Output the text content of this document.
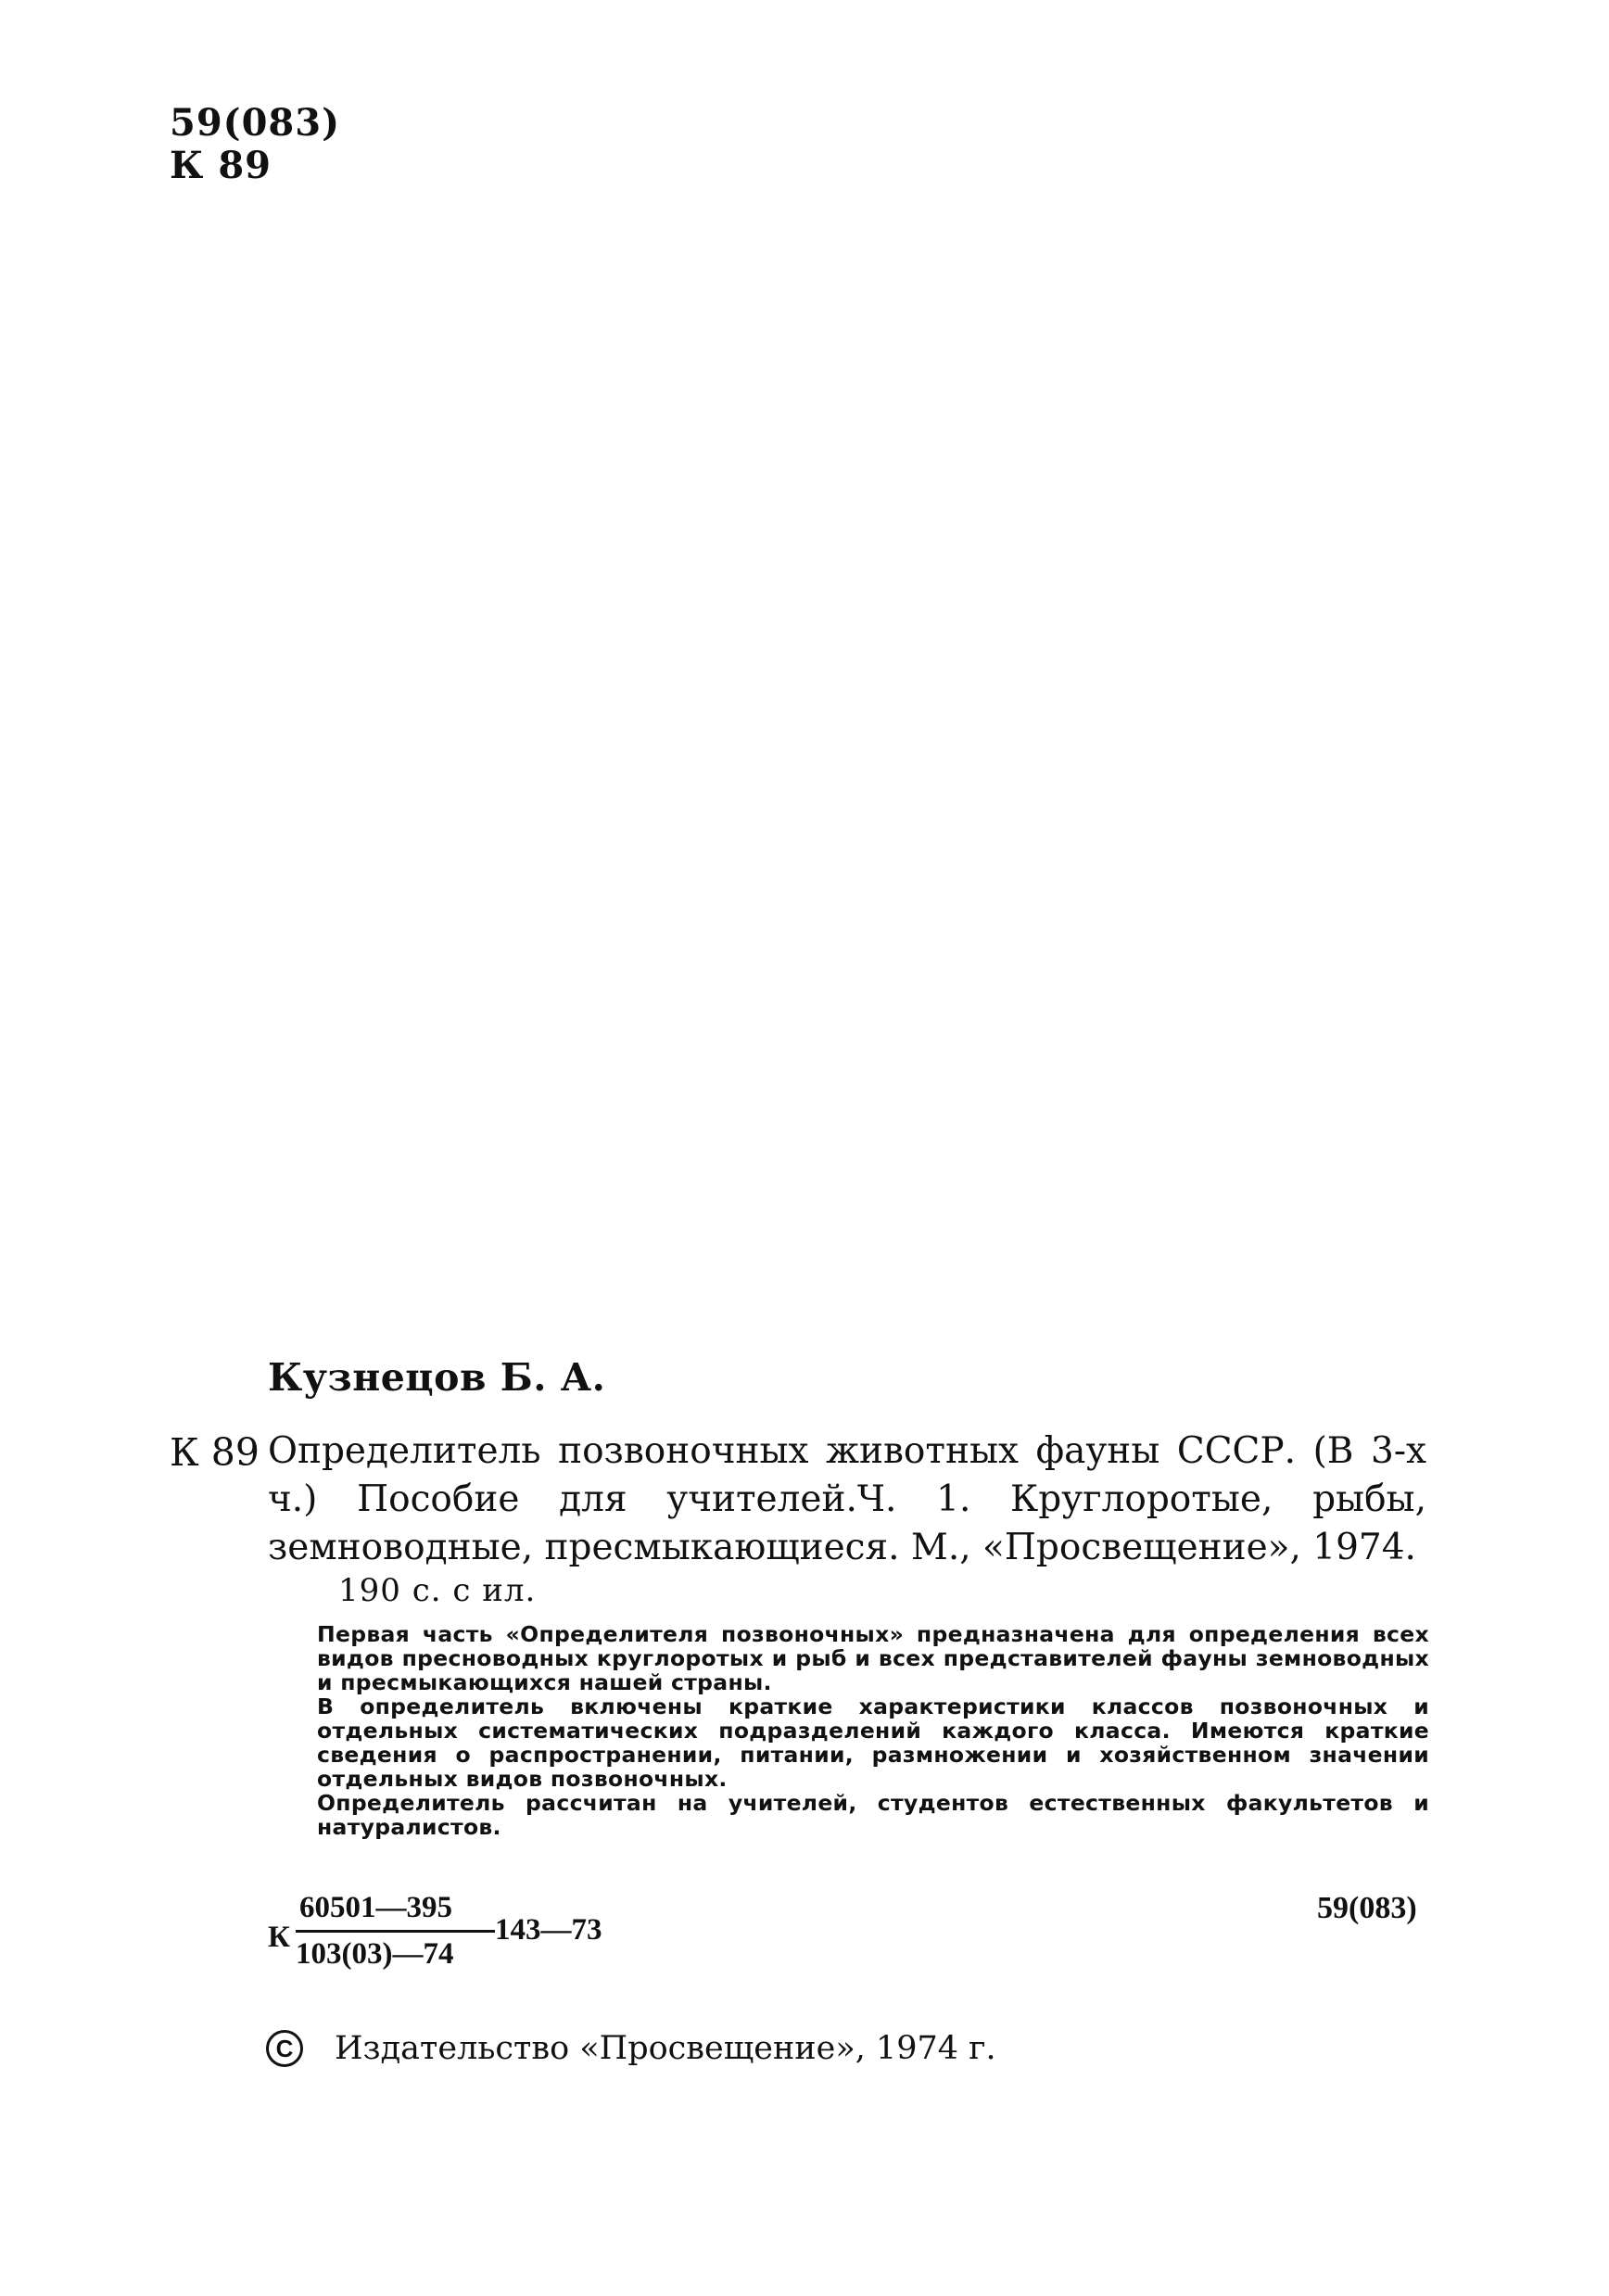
59(083)
К 89
Кузнецов Б. А.
К 89 Определитель позвоночных животных фауны СССР. (В 3-х ч.) Пособие для учителей.Ч. 1. Круглоротые, рыбы, земноводные, пресмыкающиеся. М., «Просвещение», 1974.
190 с. с ил.

Первая часть «Определителя позвоночных» предназначена для определения всех видов пресноводных круглоротых и рыб и всех представителей фауны земноводных и пресмыкающихся нашей страны.

В определитель включены краткие характеристики классов позвоночных и отдельных систематических подразделений каждого класса. Имеются краткие сведения о распространении, питании, размножении и хозяйственном значении отдельных видов позвоночных.

Определитель рассчитан на учителей, студентов естественных факультетов и натуралистов.

К
60501—395
103(03)—74
143—73
59(083)
C	Издательство «Просвещение», 1974 г.
